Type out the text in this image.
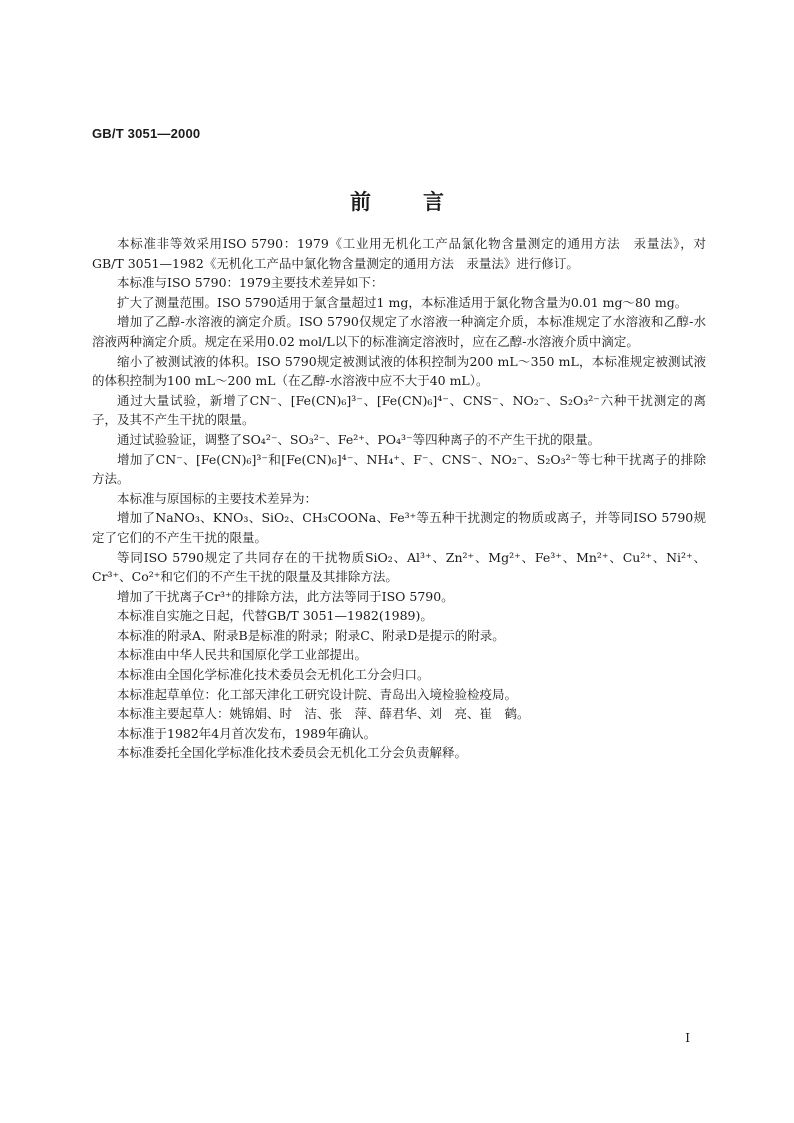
GB/T 3051—2000
前言

本标准非等效采用ISO 5790：1979《工业用无机化工产品氯化物含量测定的通用方法　汞量法》，对GB/T 3051—1982《无机化工产品中氯化物含量测定的通用方法　汞量法》进行修订。

本标准与ISO 5790：1979主要技术差异如下：

扩大了测量范围。ISO 5790适用于氯含量超过1 mg，本标准适用于氯化物含量为0.01 mg～80 mg。

增加了乙醇-水溶液的滴定介质。ISO 5790仅规定了水溶液一种滴定介质，本标准规定了水溶液和乙醇-水溶液两种滴定介质。规定在采用0.02 mol/L以下的标准滴定溶液时，应在乙醇-水溶液介质中滴定。

缩小了被测试液的体积。ISO 5790规定被测试液的体积控制为200 mL～350 mL，本标准规定被测试液的体积控制为100 mL～200 mL（在乙醇-水溶液中应不大于40 mL）。

通过大量试验，新增了CN⁻、[Fe(CN)₆]³⁻、[Fe(CN)₆]⁴⁻、CNS⁻、NO₂⁻、S₂O₃²⁻六种干扰测定的离子，及其不产生干扰的限量。

通过试验验证，调整了SO₄²⁻、SO₃²⁻、Fe²⁺、PO₄³⁻等四种离子的不产生干扰的限量。

增加了CN⁻、[Fe(CN)₆]³⁻和[Fe(CN)₆]⁴⁻、NH₄⁺、F⁻、CNS⁻、NO₂⁻、S₂O₃²⁻等七种干扰离子的排除方法。

本标准与原国标的主要技术差异为：

增加了NaNO₃、KNO₃、SiO₂、CH₃COONa、Fe³⁺等五种干扰测定的物质或离子，并等同ISO 5790规定了它们的不产生干扰的限量。

等同ISO 5790规定了共同存在的干扰物质SiO₂、Al³⁺、Zn²⁺、Mg²⁺、Fe³⁺、Mn²⁺、Cu²⁺、Ni²⁺、Cr³⁺、Co²⁺和它们的不产生干扰的限量及其排除方法。

增加了干扰离子Cr³⁺的排除方法，此方法等同于ISO 5790。

本标准自实施之日起，代替GB/T 3051—1982(1989)。

本标准的附录A、附录B是标准的附录；附录C、附录D是提示的附录。

本标准由中华人民共和国原化学工业部提出。

本标准由全国化学标准化技术委员会无机化工分会归口。

本标准起草单位：化工部天津化工研究设计院、青岛出入境检验检疫局。

本标准主要起草人：姚锦娟、时　洁、张　萍、薛君华、刘　亮、崔　鹤。

本标准于1982年4月首次发布，1989年确认。

本标准委托全国化学标准化技术委员会无机化工分会负责解释。

I
